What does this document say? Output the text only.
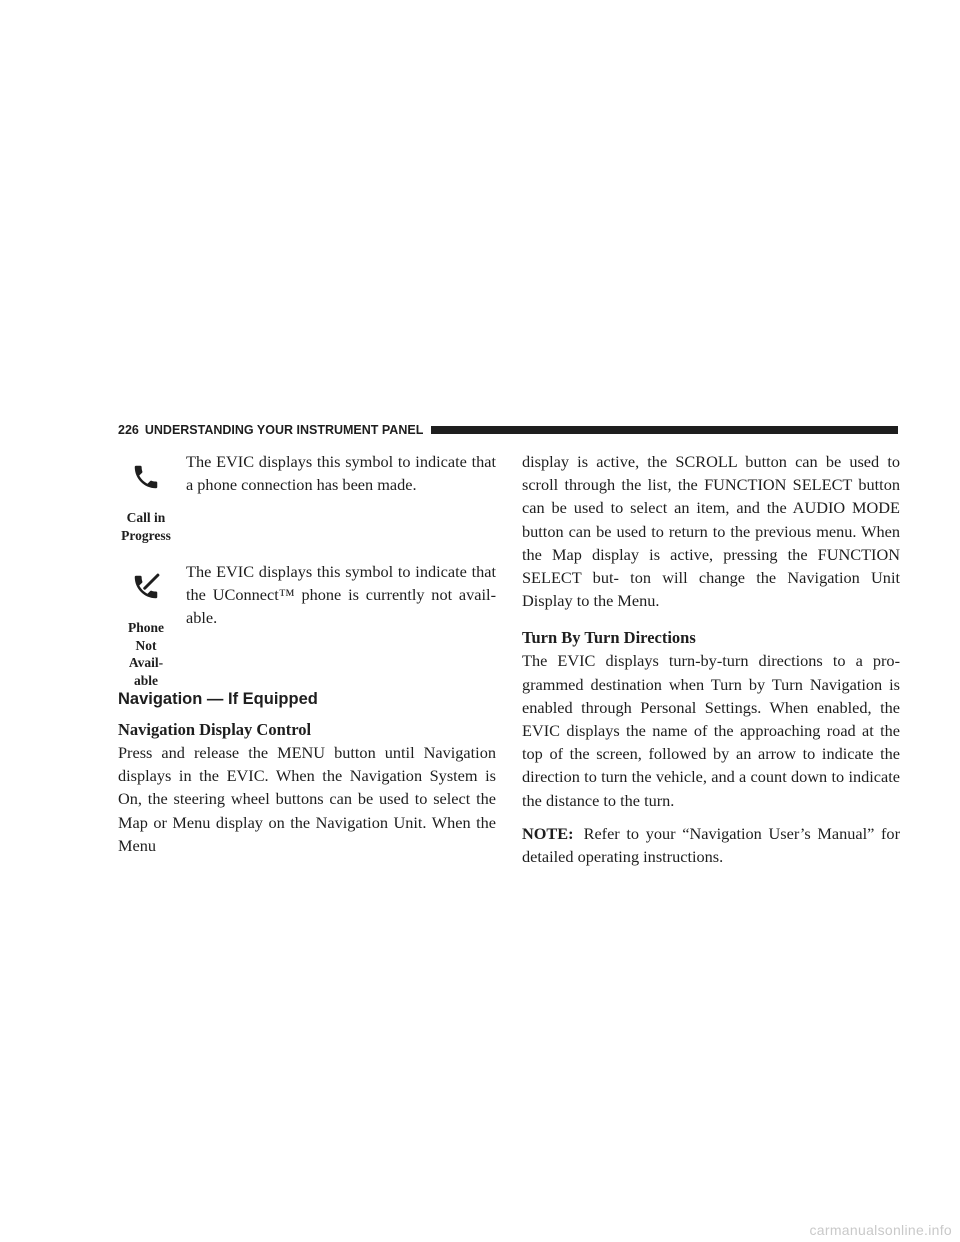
226 UNDERSTANDING YOUR INSTRUMENT PANEL
Call in
Progress

The EVIC displays this symbol to indicate that a phone connection has been made.

Phone
Not
Avail-
able

The EVIC displays this symbol to indicate that the UConnect™ phone is currently not avail- able.

Navigation — If Equipped

Navigation Display Control

Press and release the MENU button until Navigation displays in the EVIC. When the Navigation System is On, the steering wheel buttons can be used to select the Map or Menu display on the Navigation Unit. When the Menu

display is active, the SCROLL button can be used to scroll through the list, the FUNCTION SELECT button can be used to select an item, and the AUDIO MODE button can be used to return to the previous menu. When the Map display is active, pressing the FUNCTION SELECT but- ton will change the Navigation Unit Display to the Menu.

Turn By Turn Directions

The EVIC displays turn-by-turn directions to a pro- grammed destination when Turn by Turn Navigation is enabled through Personal Settings. When enabled, the EVIC displays the name of the approaching road at the top of the screen, followed by an arrow to indicate the direction to turn the vehicle, and a count down to indicate the distance to the turn.

NOTE: Refer to your “Navigation User’s Manual” for detailed operating instructions.

carmanualsonline.info
